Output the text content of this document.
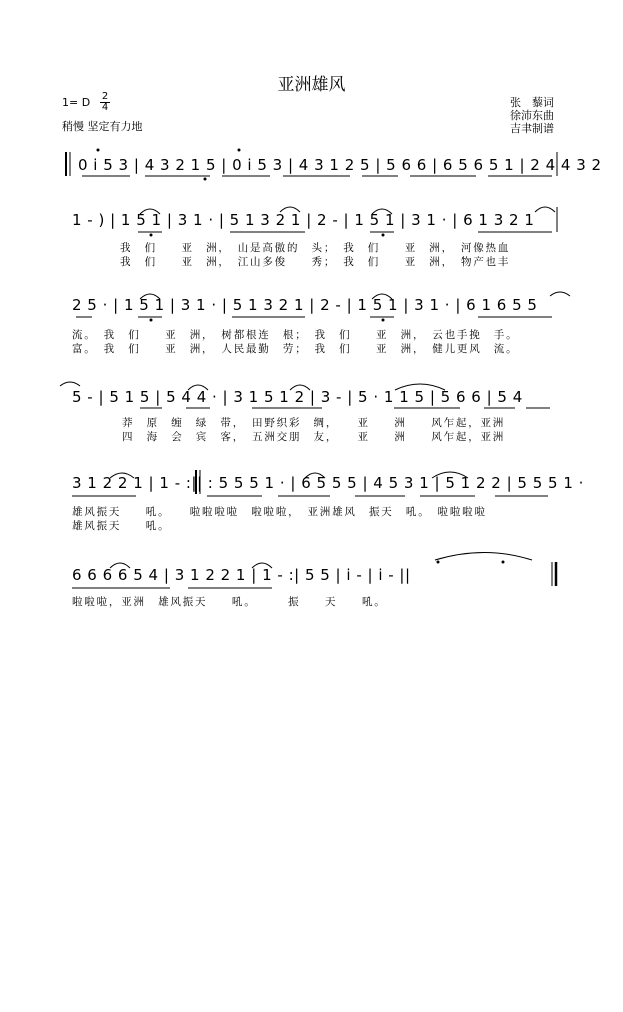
亚洲雄风
1= D 2
4
稍慢 坚定有力地
张　藜词
徐沛东曲
吉聿制谱
0 i 5 3 | 4 3 2 1 5 | 0 i 5 3 | 4 3 1 2 5 | 5 6 6 | 6 5 6 5 1 | 2 4 4 3 2
1 - ) | 1 5 1 | 3 1 · | 5 1 3 2 1 | 2 - | 1 5 1 | 3 1 · | 6 1 3 2 1
我　们　　亚　洲，　山是高傲的　头；　我　们　　亚　洲，　河像热血
我　们　　亚　洲，　江山多俊　　秀；　我　们　　亚　洲，　物产也丰
2 5 · | 1 5 1 | 3 1 · | 5 1 3 2 1 | 2 - | 1 5 1 | 3 1 · | 6 1 6 5 5
流。　我　们　　亚　洲，　树都根连　根；　我　们　　亚　洲，　云也手挽　手。
富。　我　们　　亚　洲，　人民最勤　劳；　我　们　　亚　洲，　健儿更风　流。
5 - | 5 1 5 | 5 4 4 · | 3 1 5 1 2 | 3 - | 5 · 1 1 5 | 5 6 6 | 5 4
莽　原　缠　绿　带，　田野织彩　绸，　　亚　　洲　　风乍起，亚洲
四　海　会　宾　客，　五洲交朋　友，　　亚　　洲　　风乍起，亚洲
3 1 2 2 1 | 1 - :|| : 5 5 5 1 · | 6 5 5 5 | 4 5 3 1 | 5 1 2 2 | 5 5 5 1 ·
雄风振天　　吼。　　啦啦啦啦　啦啦啦，　亚洲雄风　振天　吼。　啦啦啦啦
雄风振天　　吼。
6 6 6 6 5 4 | 3 1 2 2 1 | 1 - :| 5 5 | i - | i - ||
啦啦啦，亚洲　雄风振天　　吼。　　　振　　天　　吼。
